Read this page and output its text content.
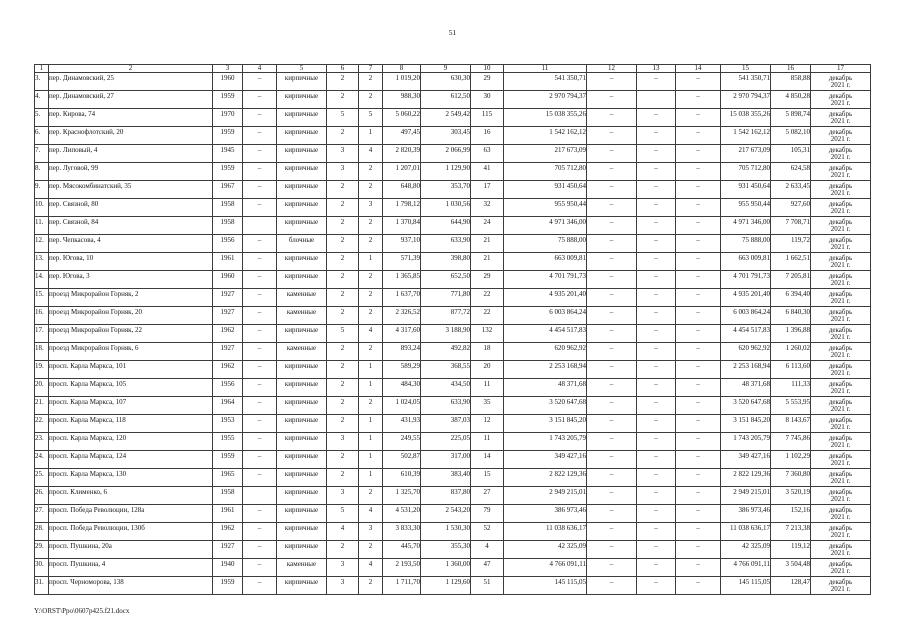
51
1	2	3	4	5	6	7	8	9	10	11	12	13	14	15	16	17
3.	пер. Динамовский, 25	1960	–	кирпичные	2	2	1 019,20	630,30	29	541 350,71	–	–	–	541 350,71	858,88	декабрь 2021 г.
4.	пер. Динамовский, 27	1959	–	кирпичные	2	2	988,30	612,50	30	2 970 794,37	–		–	2 970 794,37	4 850,28	декабрь 2021 г.
5.	пер. Кирова, 74	1970	–	кирпичные	5	5	5 060,22	2 549,42	115	15 038 355,26	–	–	–	15 038 355,26	5 898,74	декабрь 2021 г.
6.	пер. Краснофлотский, 20	1959	–	кирпичные	2	1	497,45	303,45	16	1 542 162,12	–	–	–	1 542 162,12	5 082,10	декабрь 2021 г.
7.	пер. Липовый, 4	1945	–	кирпичные	3	4	2 820,39	2 066,99	63	217 673,09	–	–	–	217 673,09	105,31	декабрь 2021 г.
8.	пер. Луговой, 99	1959	–	кирпичные	3	2	1 207,01	1 129,90	41	705 712,80	–	–	–	705 712,80	624,58	декабрь 2021 г.
9.	пер. Мясокомбинатский, 35	1967	–	кирпичные	2	2	648,80	353,70	17	931 450,64	–	–	–	931 450,64	2 633,45	декабрь 2021 г.
10.	пер. Связной, 80	1958	–	кирпичные	2	3	1 798,12	1 030,56	32	955 950,44	–	–	–	955 950,44	927,60	декабрь 2021 г.
11.	пер. Связной, 84	1958		кирпичные	2	2	1 370,84	644,90	24	4 971 346,00	–	–	–	4 971 346,00	7 708,71	декабрь 2021 г.
12.	пер. Чепкасова, 4	1956	–	блочные	2	2	937,10	633,90	21	75 888,00	–	–	–	75 888,00	119,72	декабрь 2021 г.
13.	пер. Югова, 10	1961	–	кирпичные	2	1	571,39	398,80	21	663 009,81	–	–	–	663 009,81	1 662,51	декабрь 2021 г.
14.	пер. Югова, 3	1960	–	кирпичные	2	2	1 365,85	652,50	29	4 701 791,73	–	–	–	4 701 791,73	7 205,81	декабрь 2021 г.
15.	проезд Микрорайон Горняк, 2	1927	–	каменные	2	2	1 637,70	771,80	22	4 935 201,40	–	–	–	4 935 201,40	6 394,40	декабрь 2021 г.
16.	проезд Микрорайон Горняк, 20	1927	–	каменные	2	2	2 326,52	877,72	22	6 003 864,24	–	–	–	6 003 864,24	6 840,30	декабрь 2021 г.
17.	проезд Микрорайон Горняк, 22	1962	–	кирпичные	5	4	4 317,60	3 188,90	132	4 454 517,83	–	–	–	4 454 517,83	1 396,88	декабрь 2021 г.
18.	проезд Микрорайон Горняк, 6	1927	–	каменные	2	2	893,24	492,82	18	620 962,92	–	–	–	620 962,92	1 260,02	декабрь 2021 г.
19.	просп. Карла Маркса, 101	1962	–	кирпичные	2	1	589,29	368,55	20	2 253 168,94	–	–	–	2 253 168,94	6 113,60	декабрь 2021 г.
20.	просп. Карла Маркса, 105	1956	–	кирпичные	2	1	484,30	434,50	11	48 371,68	–	–	–	48 371,68	111,33	декабрь 2021 г.
21.	просп. Карла Маркса, 107	1964	–	кирпичные	2	2	1 024,05	633,90	35	3 520 647,68	–	–	–	3 520 647,68	5 553,95	декабрь 2021 г.
22.	просп. Карла Маркса, 118	1953	–	кирпичные	2	1	431,93	387,03	12	3 151 845,20	–	–	–	3 151 845,20	8 143,67	декабрь 2021 г.
23.	просп. Карла Маркса, 120	1955	–	кирпичные	3	1	249,55	225,05	11	1 743 205,79	–	–	–	1 743 205,79	7 745,86	декабрь 2021 г.
24.	просп. Карла Маркса, 124	1959	–	кирпичные	2	1	502,87	317,00	14	349 427,16	–	–	–	349 427,16	1 102,29	декабрь 2021 г.
25.	просп. Карла Маркса, 130	1965	–	кирпичные	2	1	610,39	383,40	15	2 822 129,36	–	–	–	2 822 129,36	7 360,80	декабрь 2021 г.
26.	просп. Клименко, 6	1958		кирпичные	3	2	1 325,70	837,80	27	2 949 215,01	–	–	–	2 949 215,01	3 520,19	декабрь 2021 г.
27.	просп. Победа Революции, 128а	1961	–	кирпичные	5	4	4 531,20	2 543,20	79	386 973,46	–	–	–	386 973,46	152,16	декабрь 2021 г.
28.	просп. Победа Революции, 130б	1962	–	кирпичные	4	3	3 833,30	1 530,30	52	11 038 636,17	–	–	–	11 038 636,17	7 213,38	декабрь 2021 г.
29.	просп. Пушкина, 20а	1927	–	кирпичные	2	2	445,70	355,30	4	42 325,09	–	–	–	42 325,09	119,12	декабрь 2021 г.
30.	просп. Пушкина, 4	1940	–	каменные	3	4	2 193,50	1 360,00	47	4 766 091,11	–	–	–	4 766 091,11	3 504,48	декабрь 2021 г.
31.	просп. Черноморова, 138	1959	–	кирпичные	3	2	1 711,70	1 129,60	51	145 115,05	–	–	–	145 115,05	128,47	декабрь 2021 г.
Y:\ORST\Ppo\0607p425.f21.docx
